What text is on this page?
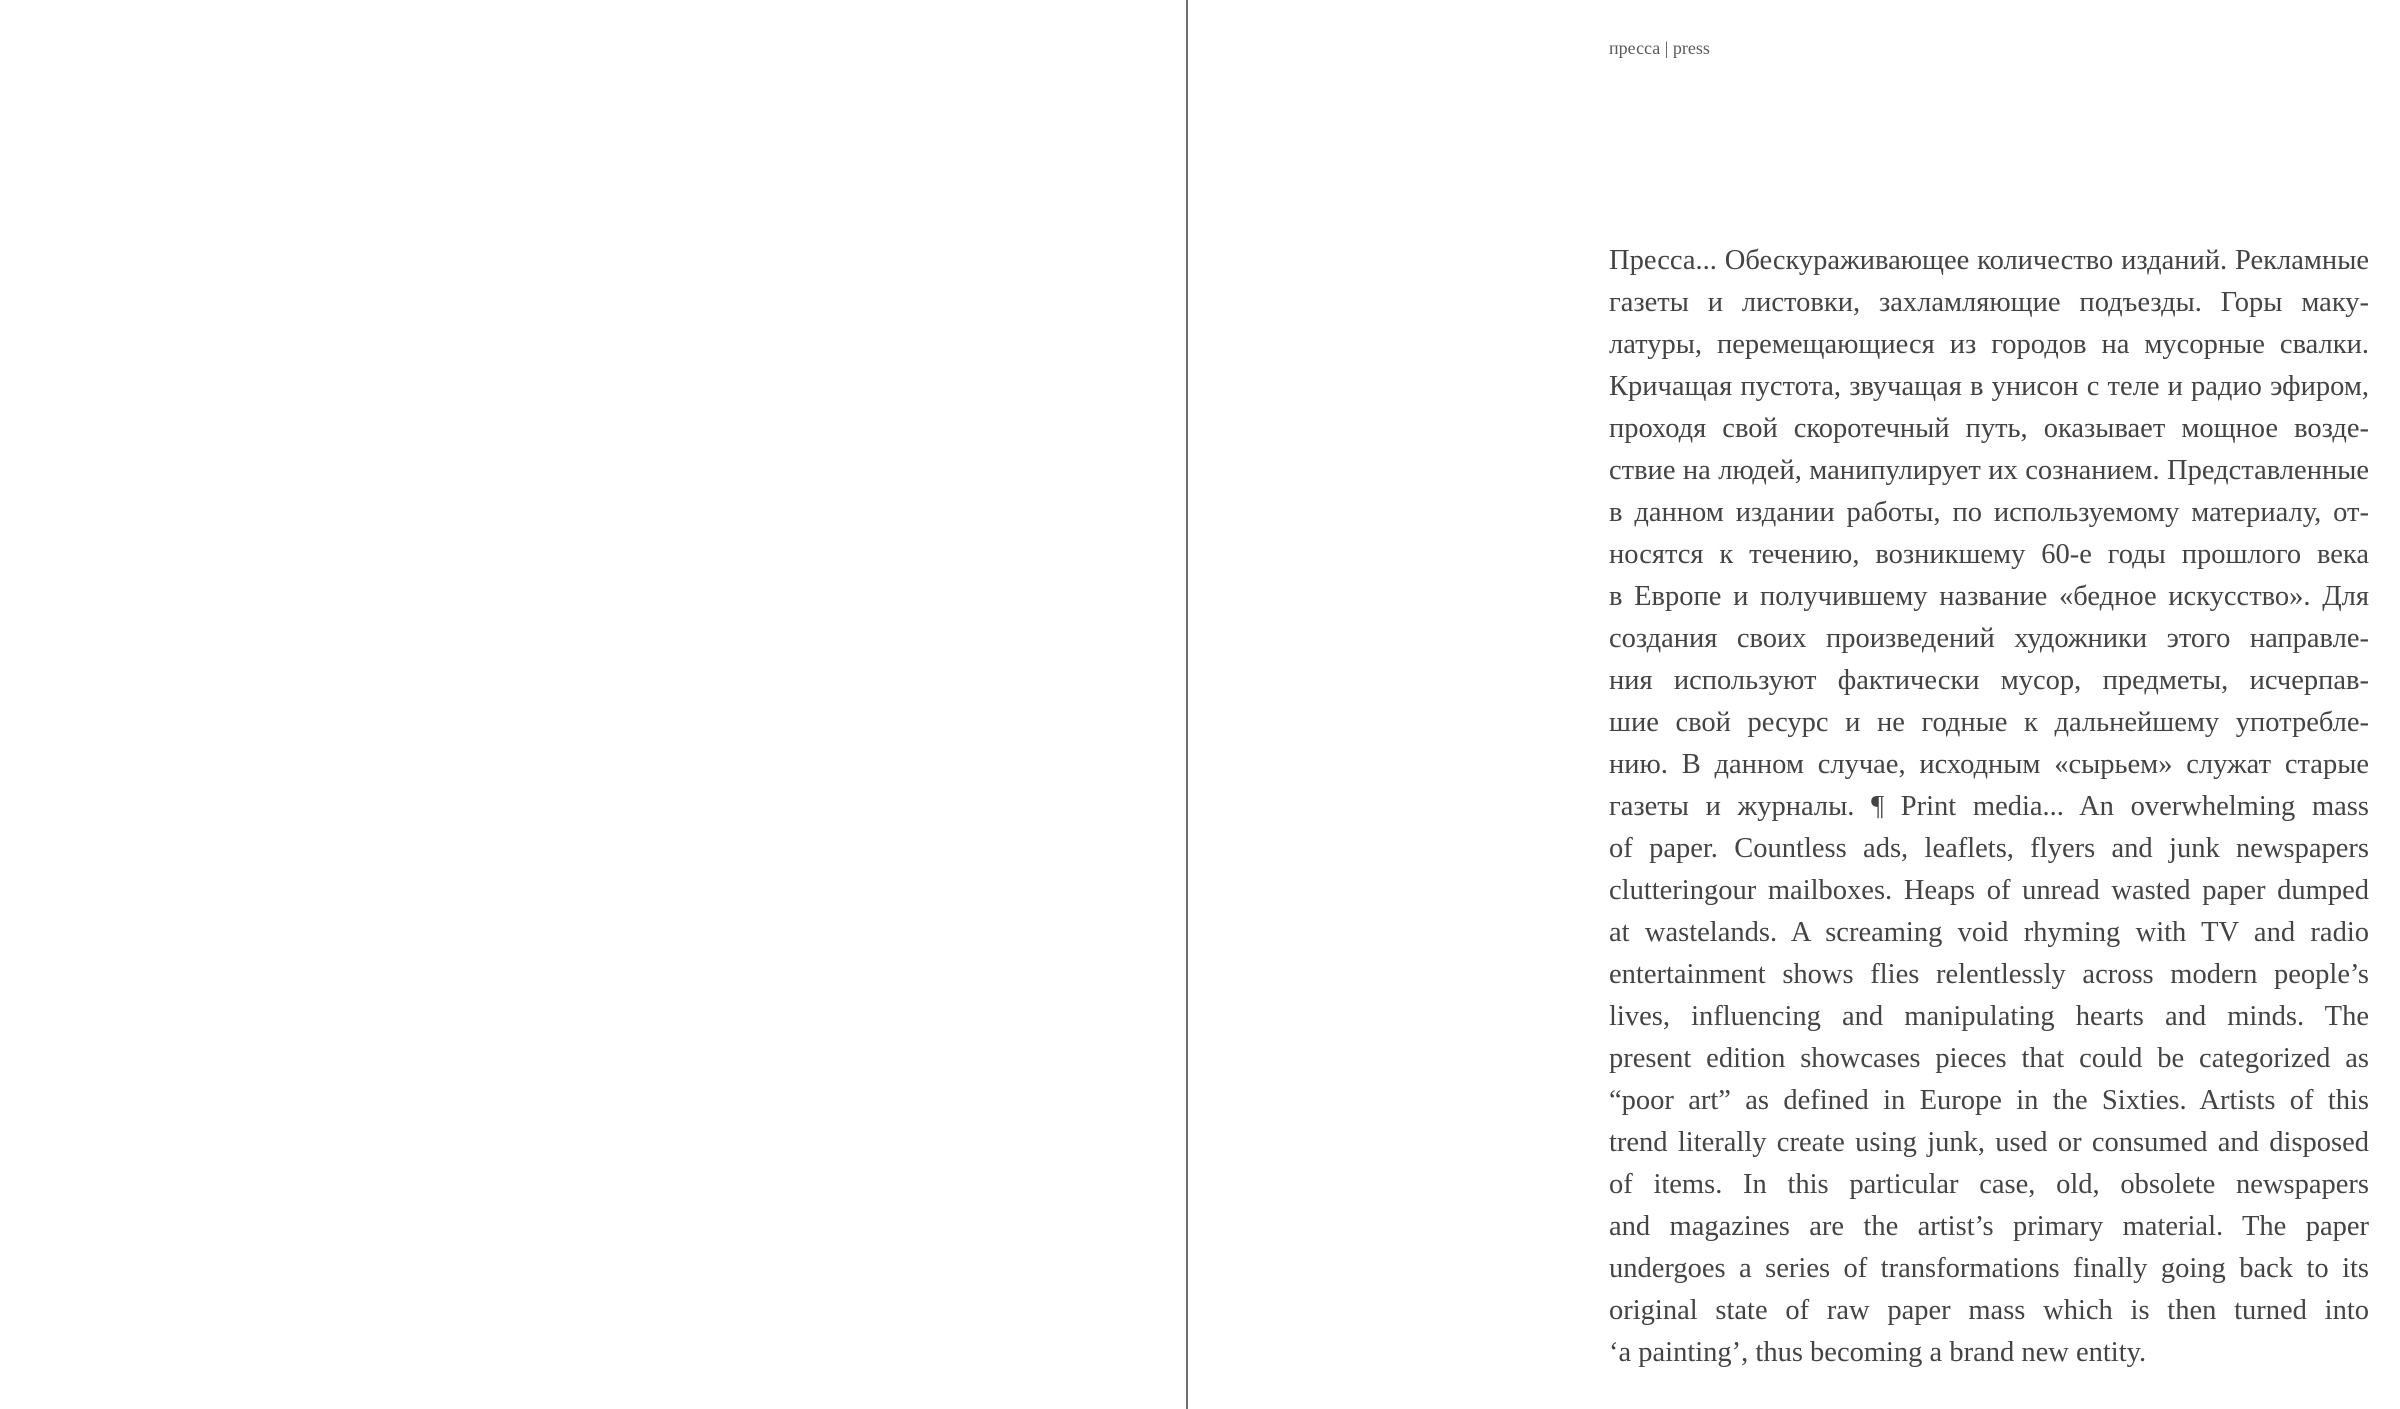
пресса | press
Пресса... Обескураживающее количество изданий. Рекламные
газеты и листовки, захламляющие подъезды. Горы маку-
латуры, перемещающиеся из городов на мусорные свалки.
Кричащая пустота, звучащая в унисон с теле и радио эфиром,
проходя свой скоротечный путь, оказывает мощное возде-
ствие на людей, манипулирует их сознанием. Представленные
в данном издании работы, по используемому материалу, от-
носятся к течению, возникшему 60-е годы прошлого века
в Европе и получившему название «бедное искусство». Для
создания своих произведений художники этого направле-
ния используют фактически мусор, предметы, исчерпав-
шие свой ресурс и не годные к дальнейшему употребле-
нию. В данном случае, исходным «сырьем» служат старые
газеты и журналы. ¶ Print media... An overwhelming mass
of paper. Countless ads, leaflets, flyers and junk newspapers
clutteringour mailboxes. Heaps of unread wasted paper dumped
at wastelands. A screaming void rhyming with TV and radio
entertainment shows flies relentlessly across modern people’s
lives, influencing and manipulating hearts and minds. The
present edition showcases pieces that could be categorized as
“poor art” as defined in Europe in the Sixties. Artists of this
trend literally create using junk, used or consumed and disposed
of items. In this particular case, old, obsolete newspapers
and magazines are the artist’s primary material. The paper
undergoes a series of transformations finally going back to its
original state of raw paper mass which is then turned into
‘a painting’, thus becoming a brand new entity.
